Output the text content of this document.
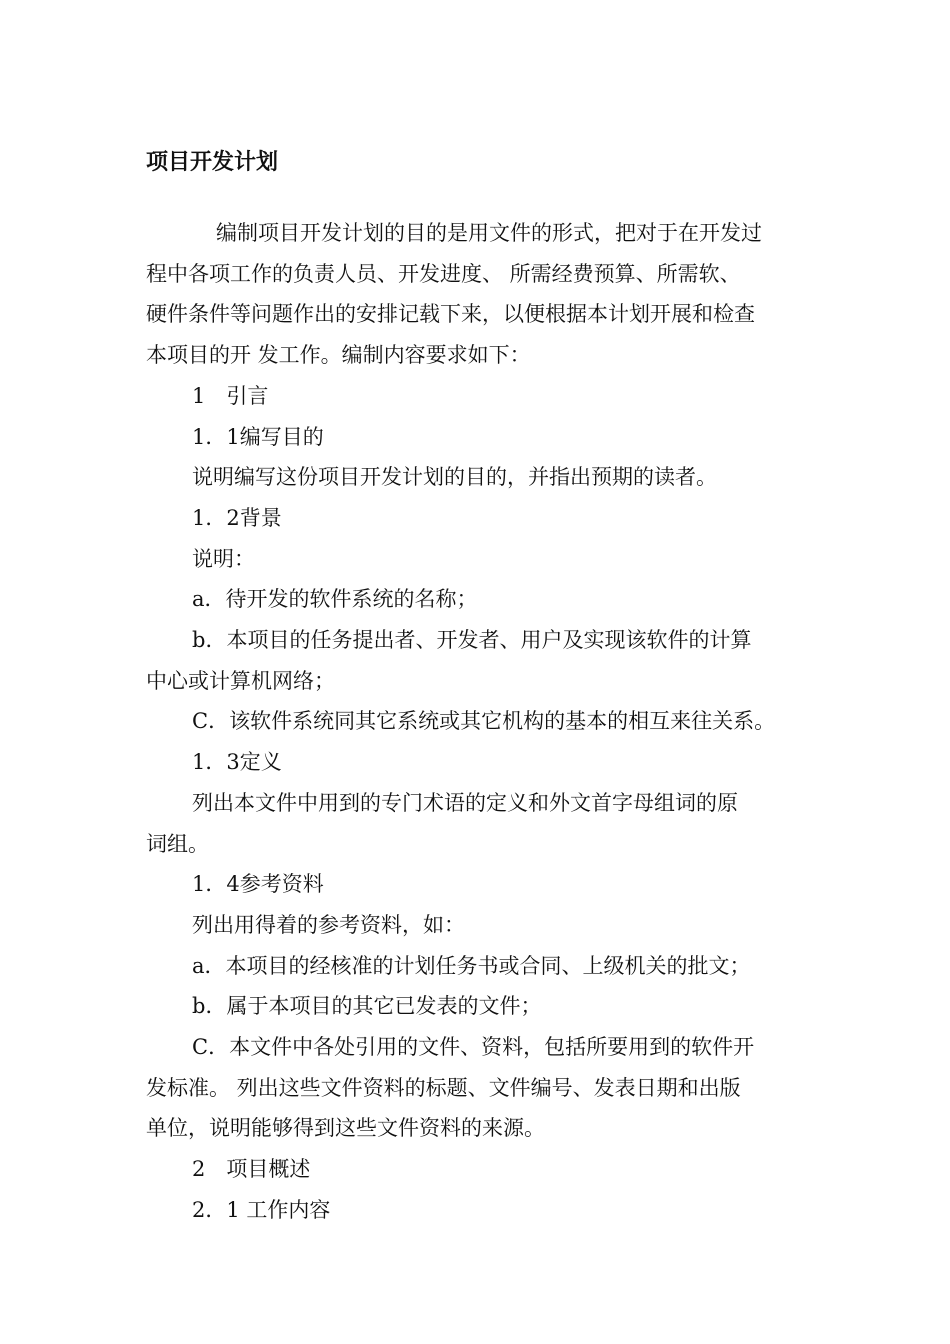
项目开发计划

编制项目开发计划的目的是用文件的形式，把对于在开发过

程中各项工作的负责人员、开发进度、 所需经费预算、所需软、

硬件条件等问题作出的安排记载下来，以便根据本计划开展和检查

本项目的开 发工作。编制内容要求如下：

1　引言

1．1编写目的

说明编写这份项目开发计划的目的，并指出预期的读者。

1．2背景

说明：

a．待开发的软件系统的名称；

b．本项目的任务提出者、开发者、用户及实现该软件的计算

中心或计算机网络；

C．该软件系统同其它系统或其它机构的基本的相互来往关系。

1．3定义

列出本文件中用到的专门术语的定义和外文首字母组词的原

词组。

1．4参考资料

列出用得着的参考资料，如：

a．本项目的经核准的计划任务书或合同、上级机关的批文；

b．属于本项目的其它已发表的文件；

C．本文件中各处引用的文件、资料，包括所要用到的软件开

发标准。 列出这些文件资料的标题、文件编号、发表日期和出版

单位，说明能够得到这些文件资料的来源。

2　项目概述

2．1 工作内容
